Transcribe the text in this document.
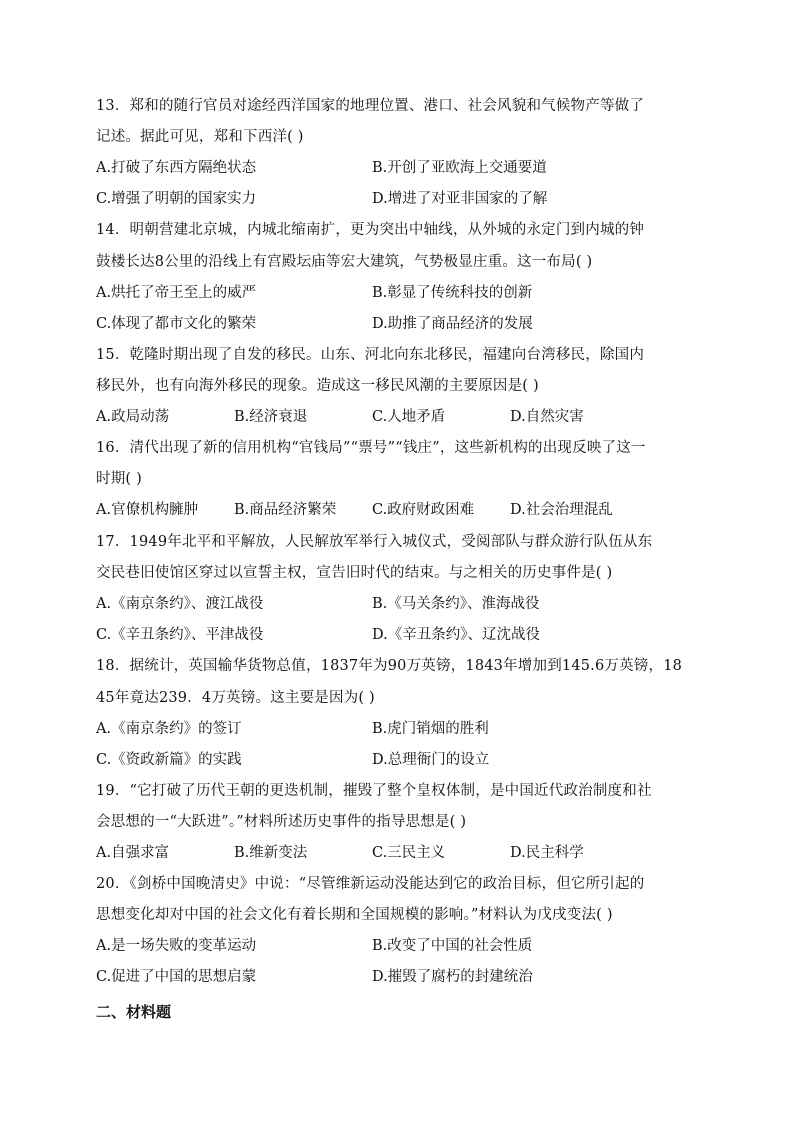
13．郑和的随行官员对途经西洋国家的地理位置、港口、社会风貌和气候物产等做了
记述。据此可见，郑和下西洋( )
A.打破了东西方隔绝状态	B.开创了亚欧海上交通要道
C.增强了明朝的国家实力	D.增进了对亚非国家的了解
14．明朝营建北京城，内城北缩南扩，更为突出中轴线，从外城的永定门到内城的钟
鼓楼长达8公里的沿线上有宫殿坛庙等宏大建筑，气势极显庄重。这一布局( )
A.烘托了帝王至上的威严	B.彰显了传统科技的创新
C.体现了都市文化的繁荣	D.助推了商品经济的发展
15．乾隆时期出现了自发的移民。山东、河北向东北移民，福建向台湾移民，除国内
移民外，也有向海外移民的现象。造成这一移民风潮的主要原因是( )
A.政局动荡	B.经济衰退	C.人地矛盾	D.自然灾害
16．清代出现了新的信用机构“官钱局”“票号”“钱庄”，这些新机构的出现反映了这一
时期( )
A.官僚机构臃肿 B.商品经济繁荣 C.政府财政困难 D.社会治理混乱
17．1949年北平和平解放，人民解放军举行入城仪式，受阅部队与群众游行队伍从东
交民巷旧使馆区穿过以宣誓主权，宣告旧时代的结束。与之相关的历史事件是( )
A.《南京条约》、渡江战役	B.《马关条约》、淮海战役
C.《辛丑条约》、平津战役	D.《辛丑条约》、辽沈战役
18．据统计，英国输华货物总值，1837年为90万英镑，1843年增加到145.6万英镑，18
45年竟达239．4万英镑。这主要是因为( )
A.《南京条约》的签订	B.虎门销烟的胜利
C.《资政新篇》的实践	D.总理衙门的设立
19．“它打破了历代王朝的更迭机制，摧毁了整个皇权体制，是中国近代政治制度和社
会思想的一“大跃进”。”材料所述历史事件的指导思想是( )
A.自强求富	B.维新变法	C.三民主义	D.民主科学
20．《剑桥中国晚清史》中说：“尽管维新运动没能达到它的政治目标，但它所引起的
思想变化却对中国的社会文化有着长期和全国规模的影响。”材料认为戊戌变法( )
A.是一场失败的变革运动	B.改变了中国的社会性质
C.促进了中国的思想启蒙	D.摧毁了腐朽的封建统治
二、材料题
